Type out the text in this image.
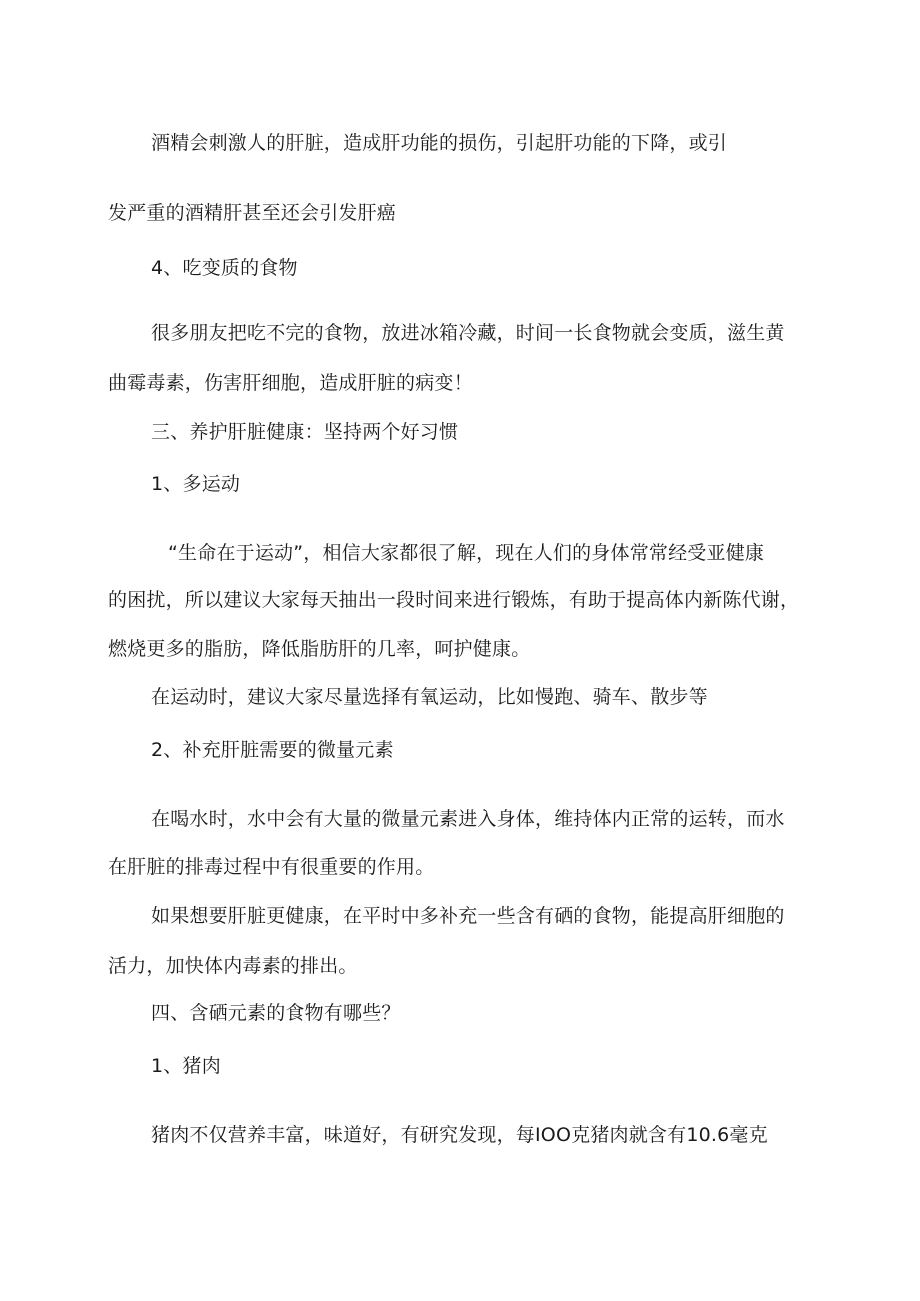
酒精会刺激人的肝脏，造成肝功能的损伤，引起肝功能的下降，或引

发严重的酒精肝甚至还会引发肝癌

4、吃变质的食物

很多朋友把吃不完的食物，放进冰箱冷藏，时间一长食物就会变质，滋生黄

曲霉毒素，伤害肝细胞，造成肝脏的病变！

三、养护肝脏健康：坚持两个好习惯

1、多运动

“生命在于运动”，相信大家都很了解，现在人们的身体常常经受亚健康

的困扰，所以建议大家每天抽出一段时间来进行锻炼，有助于提高体内新陈代谢，

燃烧更多的脂肪，降低脂肪肝的几率，呵护健康。

在运动时，建议大家尽量选择有氧运动，比如慢跑、骑车、散步等

2、补充肝脏需要的微量元素

在喝水时，水中会有大量的微量元素进入身体，维持体内正常的运转，而水

在肝脏的排毒过程中有很重要的作用。

如果想要肝脏更健康，在平时中多补充一些含有硒的食物，能提高肝细胞的

活力，加快体内毒素的排出。

四、含硒元素的食物有哪些？

1、猪肉

猪肉不仅营养丰富，味道好，有研究发现，每IOO克猪肉就含有10.6毫克
